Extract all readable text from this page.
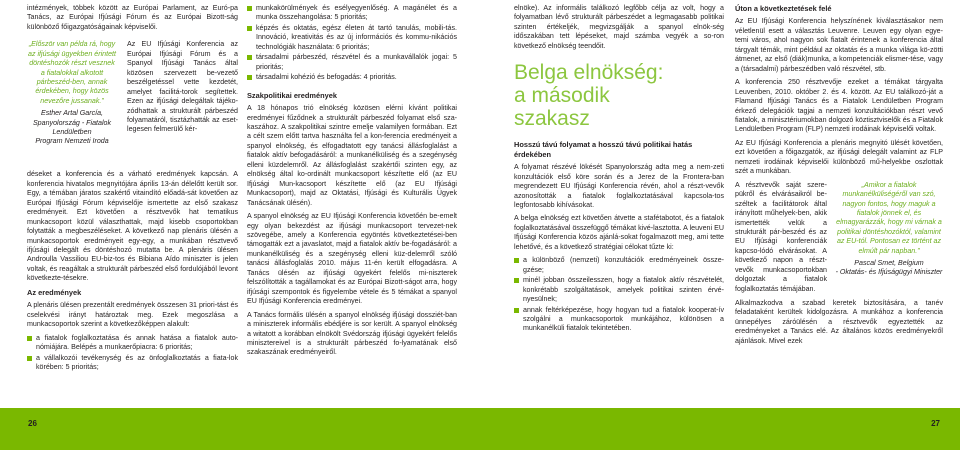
intézmények, többek között az Európai Parlament, az Euró-pa Tanács, az Európai Ifjúsági Fórum és az Európai Bizott-ság különböző főigazgatóságainak képviselői.

„Először van példa rá, hogy az ifjúsági ügyekben érintett döntéshozók részt vesznek a fiatalokkal alkotott párbeszéd-ben, annak érdekében, hogy közös nevezőre jussanak.”
Esther Artal García,
Spanyolország - Fiatalok Lendületben
Program Nemzeti Iroda

Az EU Ifjúsági Konferencia az Európai Ifjúsági Fórum és a Spanyol Ifjúsági Tanács által közösen szervezett be-vezető beszélgetéssel vette kezdetét, amelyet facilitá-torok segítettek. Ezen az ifjúsági delegáltak tájéko-zódhattak a strukturált párbeszéd folyamatáról, tisztázhatták az eset-legesen felmerülő kér-

déseket a konferencia és a várható eredmények kapcsán. A konferencia hivatalos megnyitójára április 13-án délelőtt került sor. Egy, a témában járatos szakértő vitaindító előadá-sát követően az Európai Ifjúsági Fórum képviselője ismertette az első szakasz eredményeit. Ezt követően a résztvevők hat tematikus munkacsoport közül választhattak, majd kisebb csoportokban folytatták a megbeszéléseket. A következő nap plenáris ülésén a munkacsoportok eredményeit egy-egy, a munkában résztvevő ifjúsági delegált és döntéshozó mutatta be. A plenáris ülésen Androulla Vassiliou EU-biz-tos és Bibiana Aído miniszter is jelen voltak, és reagáltak a strukturált párbeszéd első fordulójából levont következte-tésekre.

Az eredmények

A plenáris ülésen prezentált eredmények összesen 31 priori-tást és cselekvési irányt határoztak meg. Ezek megoszlása a munkacsoportok szerint a következőképpen alakult:

a fiatalok foglalkoztatása és annak hatása a fiatalok auto-nómiájára. Belépés a munkaerőpiacra: 6 prioritás;
a vállalkozói tevékenység és az önfoglalkoztatás a fiata-lok körében: 5 prioritás;
munkakörülmények és esélyegyenlőség. A magánélet és a munka összehangolása: 5 prioritás;
képzés és oktatás, egész életen át tartó tanulás, mobili-tás. Innováció, kreativitás és az új információs és kommu-nikációs technológiák használata: 6 prioritás;
társadalmi párbeszéd, részvétel és a munkavállalók jogai: 5 prioritás;
társadalmi kohézió és befogadás: 4 prioritás.
Szakpolitikai eredmények

A 18 hónapos trió elnökség közösen elérni kívánt politikai eredményei fűződnek a strukturált párbeszéd folyamat első sza-kaszához. A szakpolitikai szintre emelje valamilyen formában. Ezt a célt szem előtt tartva használta fel a kon-ferencia eredményeit a spanyol elnökség, és elfogadtatott egy tanácsi állásfoglalást a fiatalok aktív befogadásáról: a munkanélküliség és a szegénység elleni küzdelemről. Az állásfoglalást szakértői szinten egy, az elnökség által ko-ordinált munkacsoport készítette elő (az EU Ifjúsági Mun-kacsoport készítette elő (az EU Ifjúsági Munkacsoport), majd az Oktatási, Ifjúsági és Kulturális Ügyek Tanácsának ülésén).

A spanyol elnökség az EU Ifjúsági Konferencia követőén be-emelt egy olyan bekezdést az ifjúsági munkacsoport tervezet-nek szövegébe, amely a Konferencia egyöntés következtetései-ben támogatták ezt a javaslatot, majd a fiatalok aktív be-fogadásáról: a munkanélküliség és a szegénység elleni küz-delemről szóló tanácsi állásfoglalás 2010. május 11-én került elfogadásra. A Tanács ülésén az ifjúsági ügyekért felelős mi-niszterek felszólították a tagállamokat és az Európai Bizott-ságot arra, hogy ifjúsági szempontok és figyelembe vétele és 5 témákat a spanyol EU Ifjúsági Konferencia eredményei.

A Tanács formális ülésén a spanyol elnökség ifjúsági dossziét-ban a miniszterek informális ebédjére is sor került. A spanyol elnökség a witatott a korábban elnökölt Svédország ifjúsági ügyekért felelős minisztereivel is a strukturált párbeszéd fo-lyamatának első szakaszának eredményeiről.

elnöke). Az informális találkozó legfőbb célja az volt, hogy a folyamatban lévő strukturált párbeszédet a legmagasabb politikai szinten értékeljék, megvizsgálják a spanyol elnök-ség időszakában tett lépéseket, majd számba vegyék a so-ron következő elnökség teendőit.

Belga elnökség: a második szakasz
Hosszú távú folyamat a hosszú távú politikai hatás érdekében

A folyamat részévé lökését Spanyolország adta meg a nem-zeti konzultációk első köre során és a Jerez de la Frontera-ban megrendezett EU Ifjúsági Konferencia révén, ahol a részt-vevők azonosították a fiatalok foglalkoztatásával kapcsola-tos legfontosabb kihívásokat.

A belga elnökség ezt követően átvette a stafétabotot, és a fiatalok foglalkoztatásával összefüggő témákat kivé-lasztotta. A leuveni EU Ifjúsági Konferencia közös ajánlá-sokat fogalmazott meg, ami tette lehetővé, és a következő stratégiai célokat tűzte ki:

a különböző (nemzeti) konzultációk eredményeinek össze-gzése;
minél jobban összeilesszen, hogy a fiatalok aktív részvételét, konkrétabb szolgáltatások, amelyek politikai szinten érvé-nyesülnek;
annak feltérképezése, hogy hogyan tud a fiatalok kooperat-ív szolgálni a munkacsoportok munkájához, különösen a munkanélküli fiatalok tekintetében.
Úton a következtetések felé

Az EU Ifjúsági Konferencia helyszínének kiválasztásakor nem véletlenül esett a választás Leuvenre. Leuven egy olyan egye-temi város, ahol nagyon sok fiatalt érintenek a konferencia által tárgyalt témák, mint például az oktatás és a munka világa kö-zötti átmenet, az első (diák)munka, a kompetenciák elismer-tése, vagy a (társadalmi) párbeszédben való részvétel, stb.

A konferencia 250 résztvevője ezeket a témákat tárgyalta Leuvenben, 2010. október 2. és 4. között. Az EU találkozó-ját a Flamand Ifjúsági Tanács és a Fiatalok Lendületben Program érkező delegációk tagjai a nemzeti konzultációkban részt vevő fiatalok, a minisztériumokban dolgozó köztisztviselők és a Fiatalok Lendületben Program (FLP) nemzeti irodáinak képviselői voltak.

Az EU Ifjúsági Konferencia a plenáris megnyitó ülését követően, ezt követően a főigazgatók, az ifjúsági delegált valamint az FLP nemzeti irodáinak képviselői különböző mű-helyekbe oszlottak szét a munkában.

A résztvevők saját szere-pükről és elvárásaikról be-széltek a facilitátorok által irányított műhelyek-ben, akik ismertették velük a strukturált pár-beszéd és az EU Ifjúsági konferenciák kapcso-lódó elvárásokat. A következő napon a részt-vevők munkacsoportokban dolgoztak a fiatalok foglalkoztatás témájában.

„Amikor a fiatalok munkanélküliségéről van szó, nagyon fontos, hogy maguk a fiatalok jönnek el, és elmagyarázzák, hogy mi várnak a politikai döntéshozóktól, valamint az EU-tól. Pontosan ez történt az elmúlt pár napban.”
Pascal Smet, Belgium
- Oktatás- és Ifjúságügyi Miniszter

Alkalmazkodva a szabad keretek biztosítására, a tanév feladataként kerültek kidolgozásra. A munkához a konferencia ünnepélyes záróülésén a résztvevők egyeztették az eredményeket a Tanács elé. Az általános közös eredményekről ajánlások. Mivel ezek

26	27
